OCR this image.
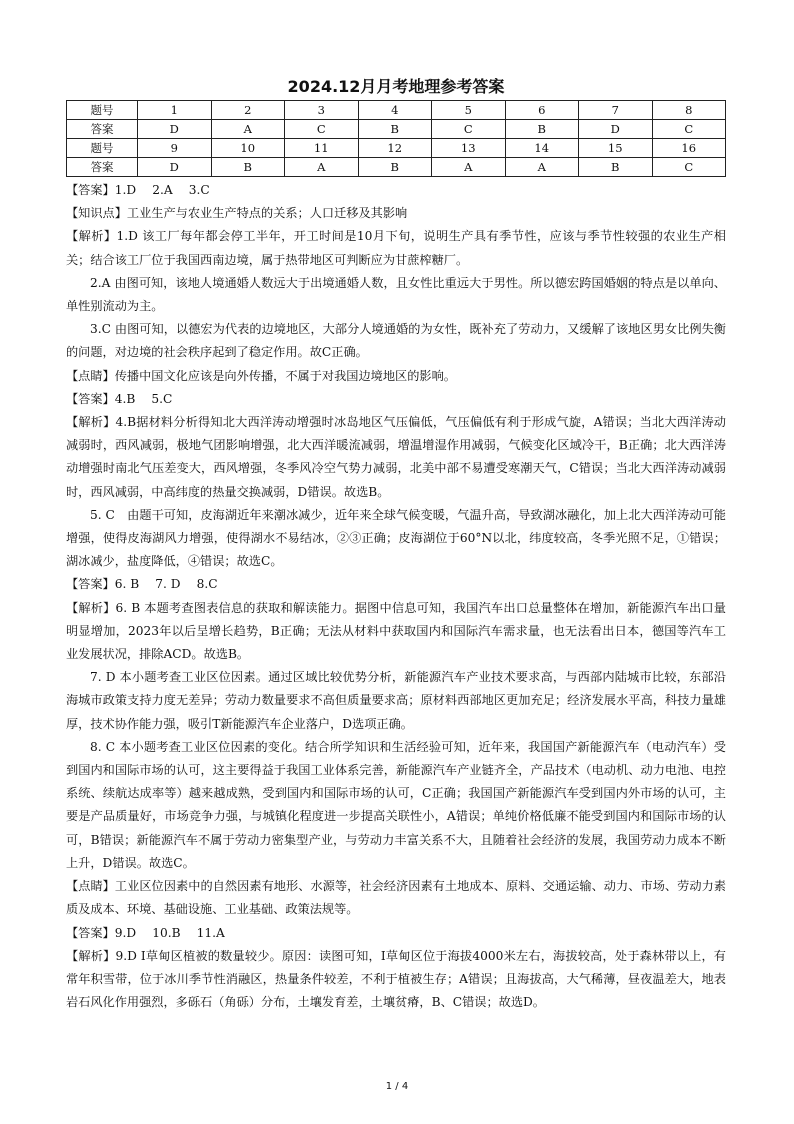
2024.12月月考地理参考答案
题号	1	2	3	4	5	6	7	8
答案	D	A	C	B	C	B	D	C
题号	9	10	11	12	13	14	15	16
答案	D	B	A	B	A	A	B	C

【答案】1.D　 2.A　 3.C

【知识点】工业生产与农业生产特点的关系；人口迁移及其影响

【解析】1.D 该工厂每年都会停工半年，开工时间是10月下旬，说明生产具有季节性，应该与季节性较强的农业生产相关；结合该工厂位于我国西南边境，属于热带地区可判断应为甘蔗榨糖厂。

2.A 由图可知，该地人境通婚人数远大于出境通婚人数，且女性比重远大于男性。所以德宏跨国婚姻的特点是以单向、单性别流动为主。

3.C 由图可知，以德宏为代表的边境地区，大部分人境通婚的为女性，既补充了劳动力，又缓解了该地区男女比例失衡的问题，对边境的社会秩序起到了稳定作用。故C正确。

【点睛】传播中国文化应该是向外传播，不属于对我国边境地区的影响。

【答案】4.B　 5.C

【解析】4.B据材料分析得知北大西洋涛动增强时冰岛地区气压偏低，气压偏低有利于形成气旋，A错误；当北大西洋涛动减弱时，西风减弱，极地气团影响增强，北大西洋暖流减弱，增温增湿作用减弱，气候变化区域冷干，B正确；北大西洋涛动增强时南北气压差变大，西风增强，冬季风冷空气势力减弱，北美中部不易遭受寒潮天气，C错误；当北大西洋涛动减弱时，西风减弱，中高纬度的热量交换减弱，D错误。故选B。

5. C　由题干可知，皮海湖近年来潮冰减少，近年来全球气候变暖，气温升高，导致湖冰融化，加上北大西洋涛动可能增强，使得皮海湖风力增强，使得湖水不易结冰，②③正确；皮海湖位于60°N以北，纬度较高，冬季光照不足，①错误；湖冰减少，盐度降低，④错误；故选C。

【答案】6. B　 7. D　 8.C

【解析】6. B 本题考查图表信息的获取和解读能力。据图中信息可知，我国汽车出口总量整体在增加，新能源汽车出口量明显增加，2023年以后呈增长趋势，B正确；无法从材料中获取国内和国际汽车需求量，也无法看出日本，德国等汽车工业发展状况，排除ACD。故选B。

7. D 本小题考查工业区位因素。通过区域比较优势分析，新能源汽车产业技术要求高，与西部内陆城市比较，东部沿海城市政策支持力度无差异；劳动力数量要求不高但质量要求高；原材料西部地区更加充足；经济发展水平高，科技力量雄厚，技术协作能力强，吸引T新能源汽车企业落户，D选项正确。

8. C 本小题考查工业区位因素的变化。结合所学知识和生活经验可知，近年来，我国国产新能源汽车（电动汽车）受到国内和国际市场的认可，这主要得益于我国工业体系完善，新能源汽车产业链齐全，产品技术（电动机、动力电池、电控系统、续航达成率等）越来越成熟，受到国内和国际市场的认可，C正确；我国国产新能源汽车受到国内外市场的认可，主要是产品质量好，市场竞争力强，与城镇化程度进一步提高关联性小，A错误；单纯价格低廉不能受到国内和国际市场的认可，B错误；新能源汽车不属于劳动力密集型产业，与劳动力丰富关系不大，且随着社会经济的发展，我国劳动力成本不断上升，D错误。故选C。

【点睛】工业区位因素中的自然因素有地形、水源等，社会经济因素有土地成本、原料、交通运输、动力、市场、劳动力素质及成本、环境、基础设施、工业基础、政策法规等。

【答案】9.D　 10.B　 11.A

【解析】9.D Ⅰ草甸区植被的数量较少。原因：读图可知，Ⅰ草甸区位于海拔4000米左右，海拔较高，处于森林带以上，有常年积雪带，位于冰川季节性消融区，热量条件较差，不利于植被生存；A错误；且海拔高，大气稀薄，昼夜温差大，地表岩石风化作用强烈，多砾石（角砾）分布，土壤发育差，土壤贫瘠，B、C错误；故选D。

1 / 4
